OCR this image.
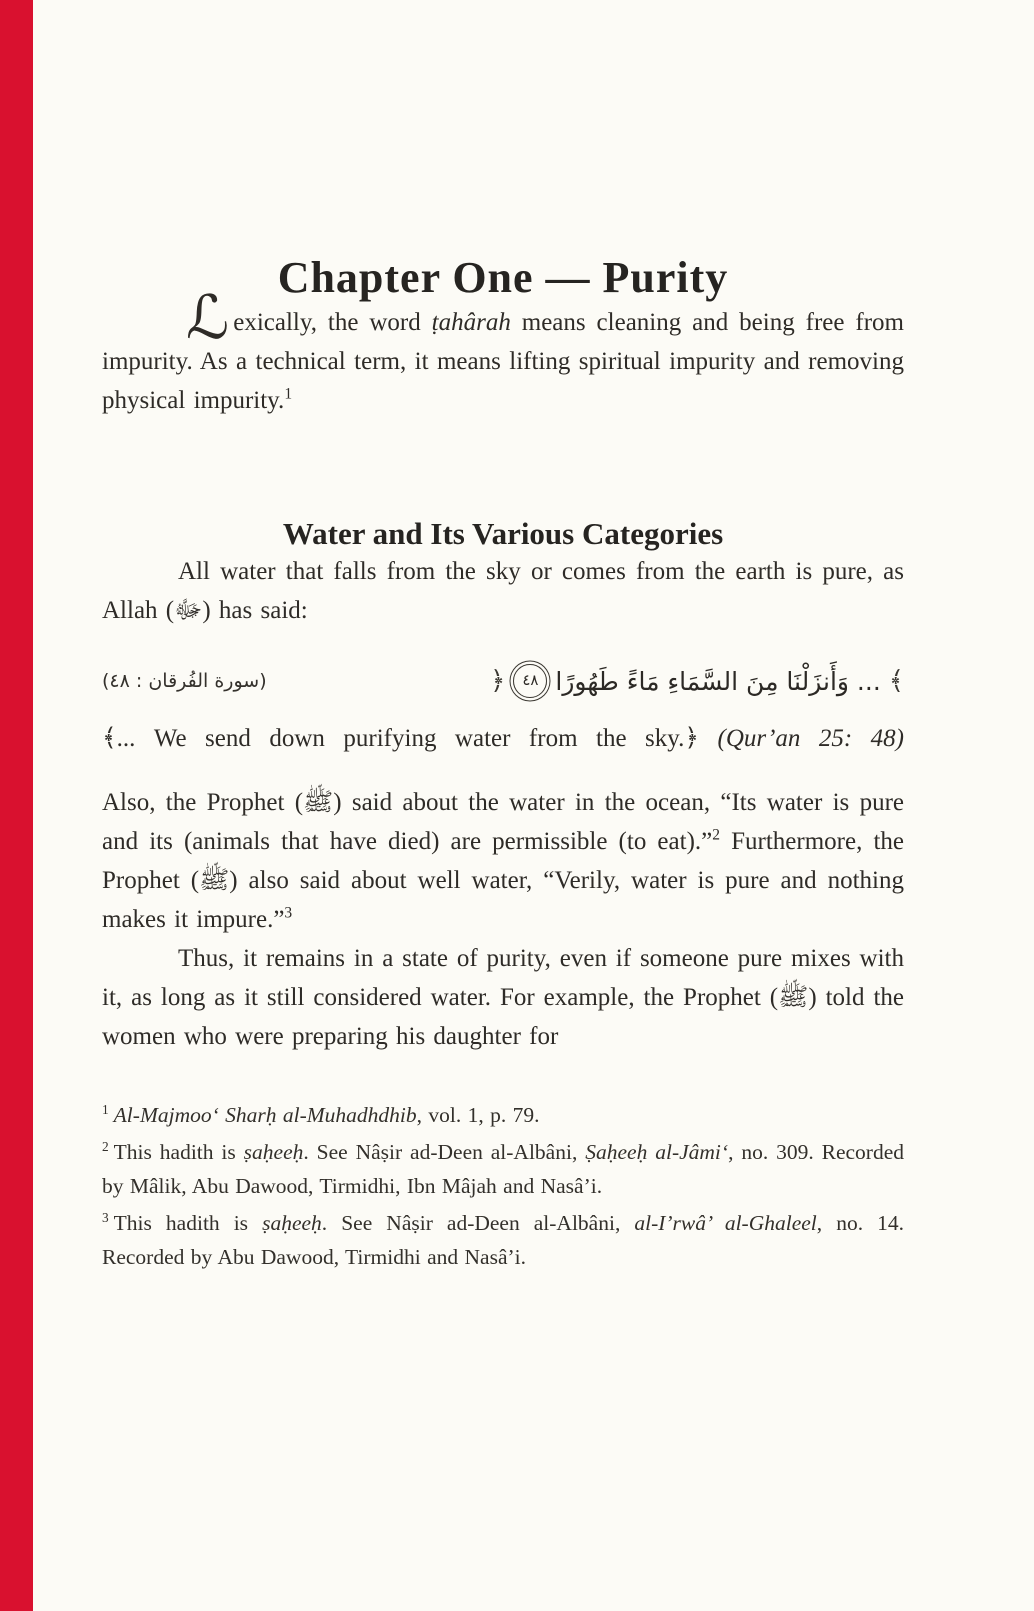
Chapter One — Purity

ℒexically, the word ṭahârah means cleaning and being free from impurity. As a technical term, it means lifting spiritual impurity and removing physical impurity.$^1$

Water and Its Various Categories

All water that falls from the sky or comes from the earth is pure, as Allah (ﷻ) has said:

(سورة الفُرقان : ٤٨)	﴾
... وَأَنزَلْنَا مِنَ السَّمَاءِ مَاءً طَهُورًا
٤٨
﴿

﴾... We send down purifying water from the sky.﴿ (Qur’an 25: 48)

Also, the Prophet (ﷺ) said about the water in the ocean, “Its water is pure and its (animals that have died) are permissible (to eat).”$^2$ Furthermore, the Prophet (ﷺ) also said about well water, “Verily, water is pure and nothing makes it impure.”$^3$

Thus, it remains in a state of purity, even if someone pure mixes with it, as long as it still considered water. For example, the Prophet (ﷺ) told the women who were preparing his daughter for

$^1$ Al-Majmoo‘ Sharḥ al-Muhadhdhib, vol. 1, p. 79.

$^2$ This hadith is ṣaḥeeḥ. See Nâṣir ad-Deen al-Albâni, Ṣaḥeeḥ al-Jâmi‘, no. 309. Recorded by Mâlik, Abu Dawood, Tirmidhi, Ibn Mâjah and Nasâ’i.

$^3$ This hadith is ṣaḥeeḥ. See Nâṣir ad-Deen al-Albâni, al-I’rwâ’ al-Ghaleel, no. 14. Recorded by Abu Dawood, Tirmidhi and Nasâ’i.
